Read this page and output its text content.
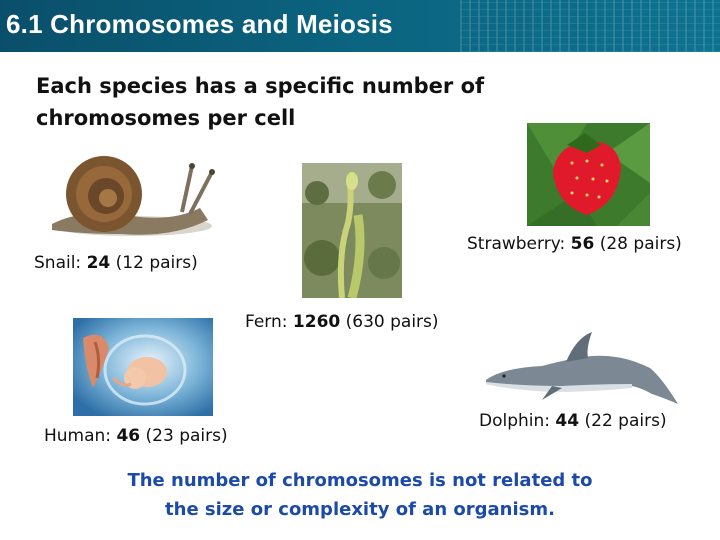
6.1 Chromosomes and Meiosis
Each species has a specific number of chromosomes per cell
Snail: 24 (12 pairs)
Fern: 1260 (630 pairs)
Strawberry: 56 (28 pairs)
Human: 46 (23 pairs)
Dolphin: 44 (22 pairs)
The number of chromosomes is not related to the size or complexity of an organism.
